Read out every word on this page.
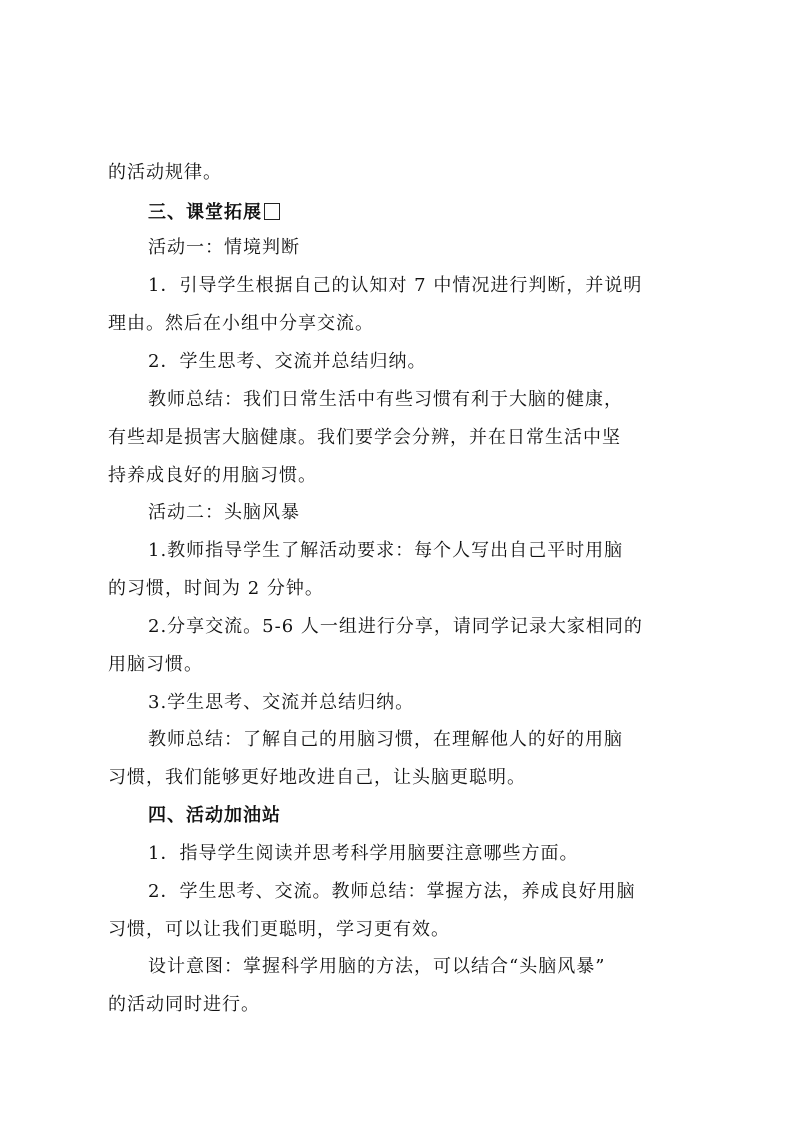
的活动规律。
三、课堂拓展
活动一：情境判断
1．引导学生根据自己的认知对 7 中情况进行判断，并说明
理由。然后在小组中分享交流。
2．学生思考、交流并总结归纳。
教师总结：我们日常生活中有些习惯有利于大脑的健康，
有些却是损害大脑健康。我们要学会分辨，并在日常生活中坚
持养成良好的用脑习惯。
活动二：头脑风暴
1.教师指导学生了解活动要求：每个人写出自己平时用脑
的习惯，时间为 2 分钟。
2.分享交流。5-6 人一组进行分享，请同学记录大家相同的
用脑习惯。
3.学生思考、交流并总结归纳。
教师总结：了解自己的用脑习惯，在理解他人的好的用脑
习惯，我们能够更好地改进自己，让头脑更聪明。
四、活动加油站
1．指导学生阅读并思考科学用脑要注意哪些方面。
2．学生思考、交流。教师总结：掌握方法，养成良好用脑
习惯，可以让我们更聪明，学习更有效。
设计意图：掌握科学用脑的方法，可以结合“头脑风暴”
的活动同时进行。
